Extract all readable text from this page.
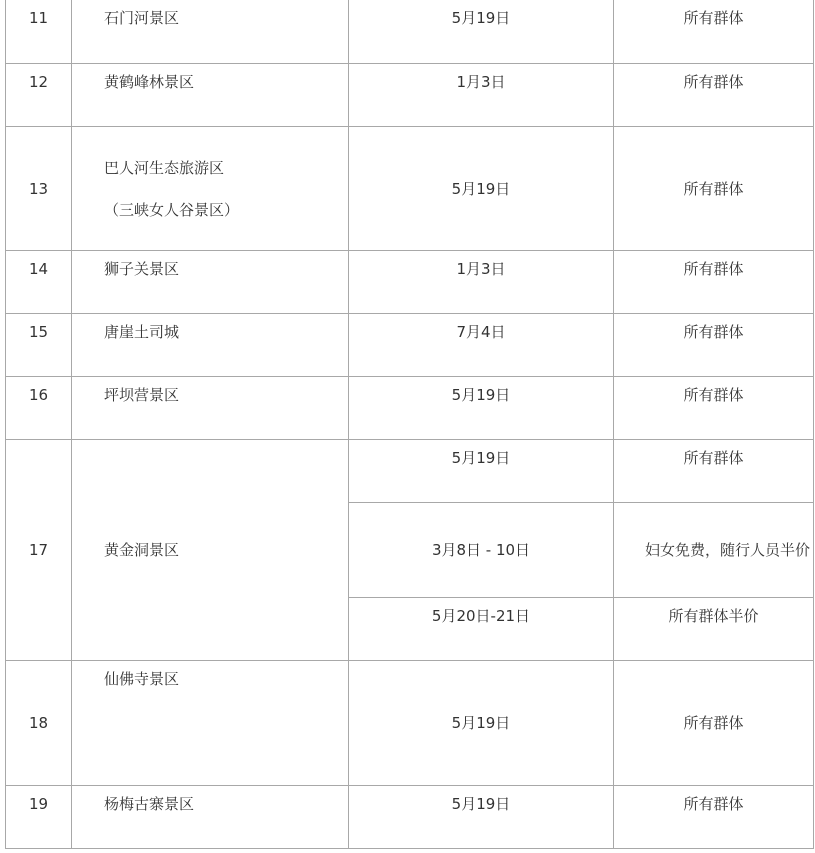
11	石门河景区	5月19日	所有群体
12	黄鹤峰林景区	1月3日	所有群体
13	巴人河生态旅游区
（三峡女人谷景区）	5月19日	所有群体
14	狮子关景区	1月3日	所有群体
15	唐崖土司城	7月4日	所有群体
16	坪坝营景区	5月19日	所有群体
17	黄金洞景区	5月19日	所有群体
		3月8日 - 10日	妇女免费，随行人员半价

		5月20日-21日	所有群体半价
18	仙佛寺景区	5月19日	所有群体
19	杨梅古寨景区	5月19日	所有群体
